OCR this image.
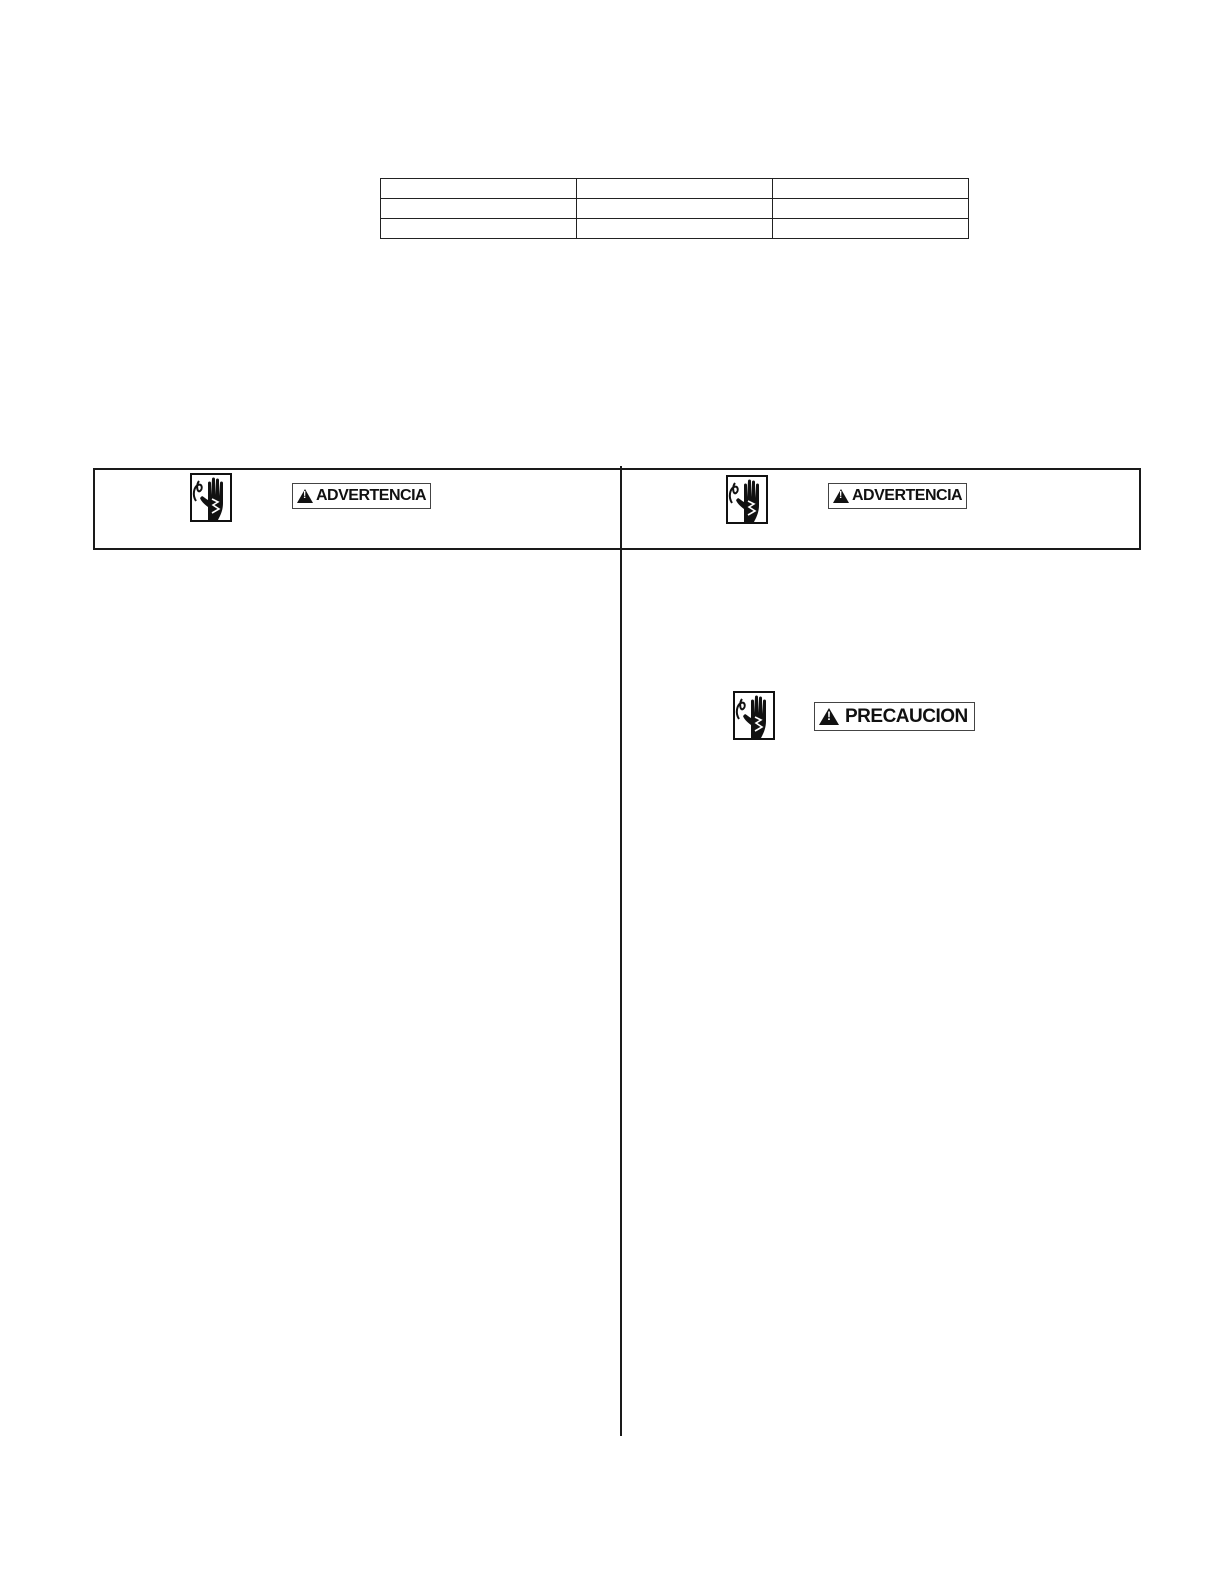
!
ADVERTENCIA
!	ADVERTENCIA
!
PRECAUCION
